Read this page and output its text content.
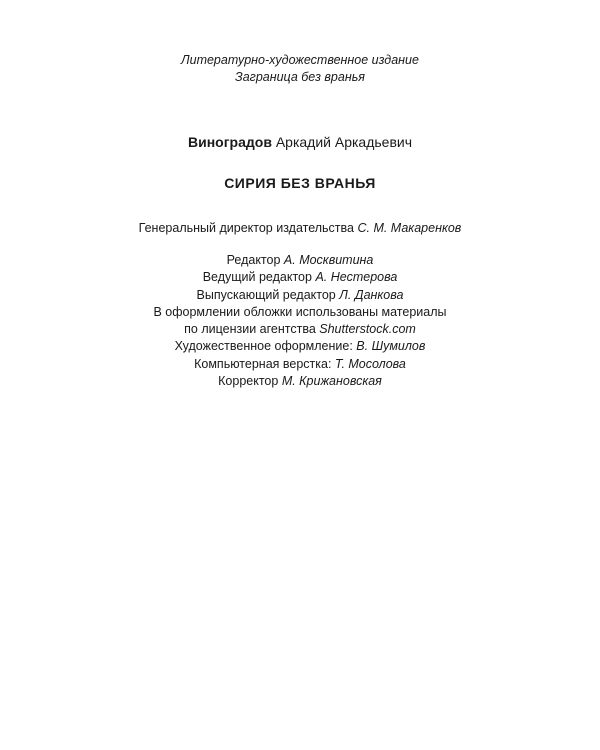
Литературно-художественное издание
Заграница без вранья
Виноградов Аркадий Аркадьевич
СИРИЯ БЕЗ ВРАНЬЯ
Генеральный директор издательства С. М. Макаренков
Редактор А. Москвитина
Ведущий редактор А. Нестерова
Выпускающий редактор Л. Данкова
В оформлении обложки использованы материалы
по лицензии агентства Shutterstock.com
Художественное оформление: В. Шумилов
Компьютерная верстка: Т. Мосолова
Корректор М. Крижановская
